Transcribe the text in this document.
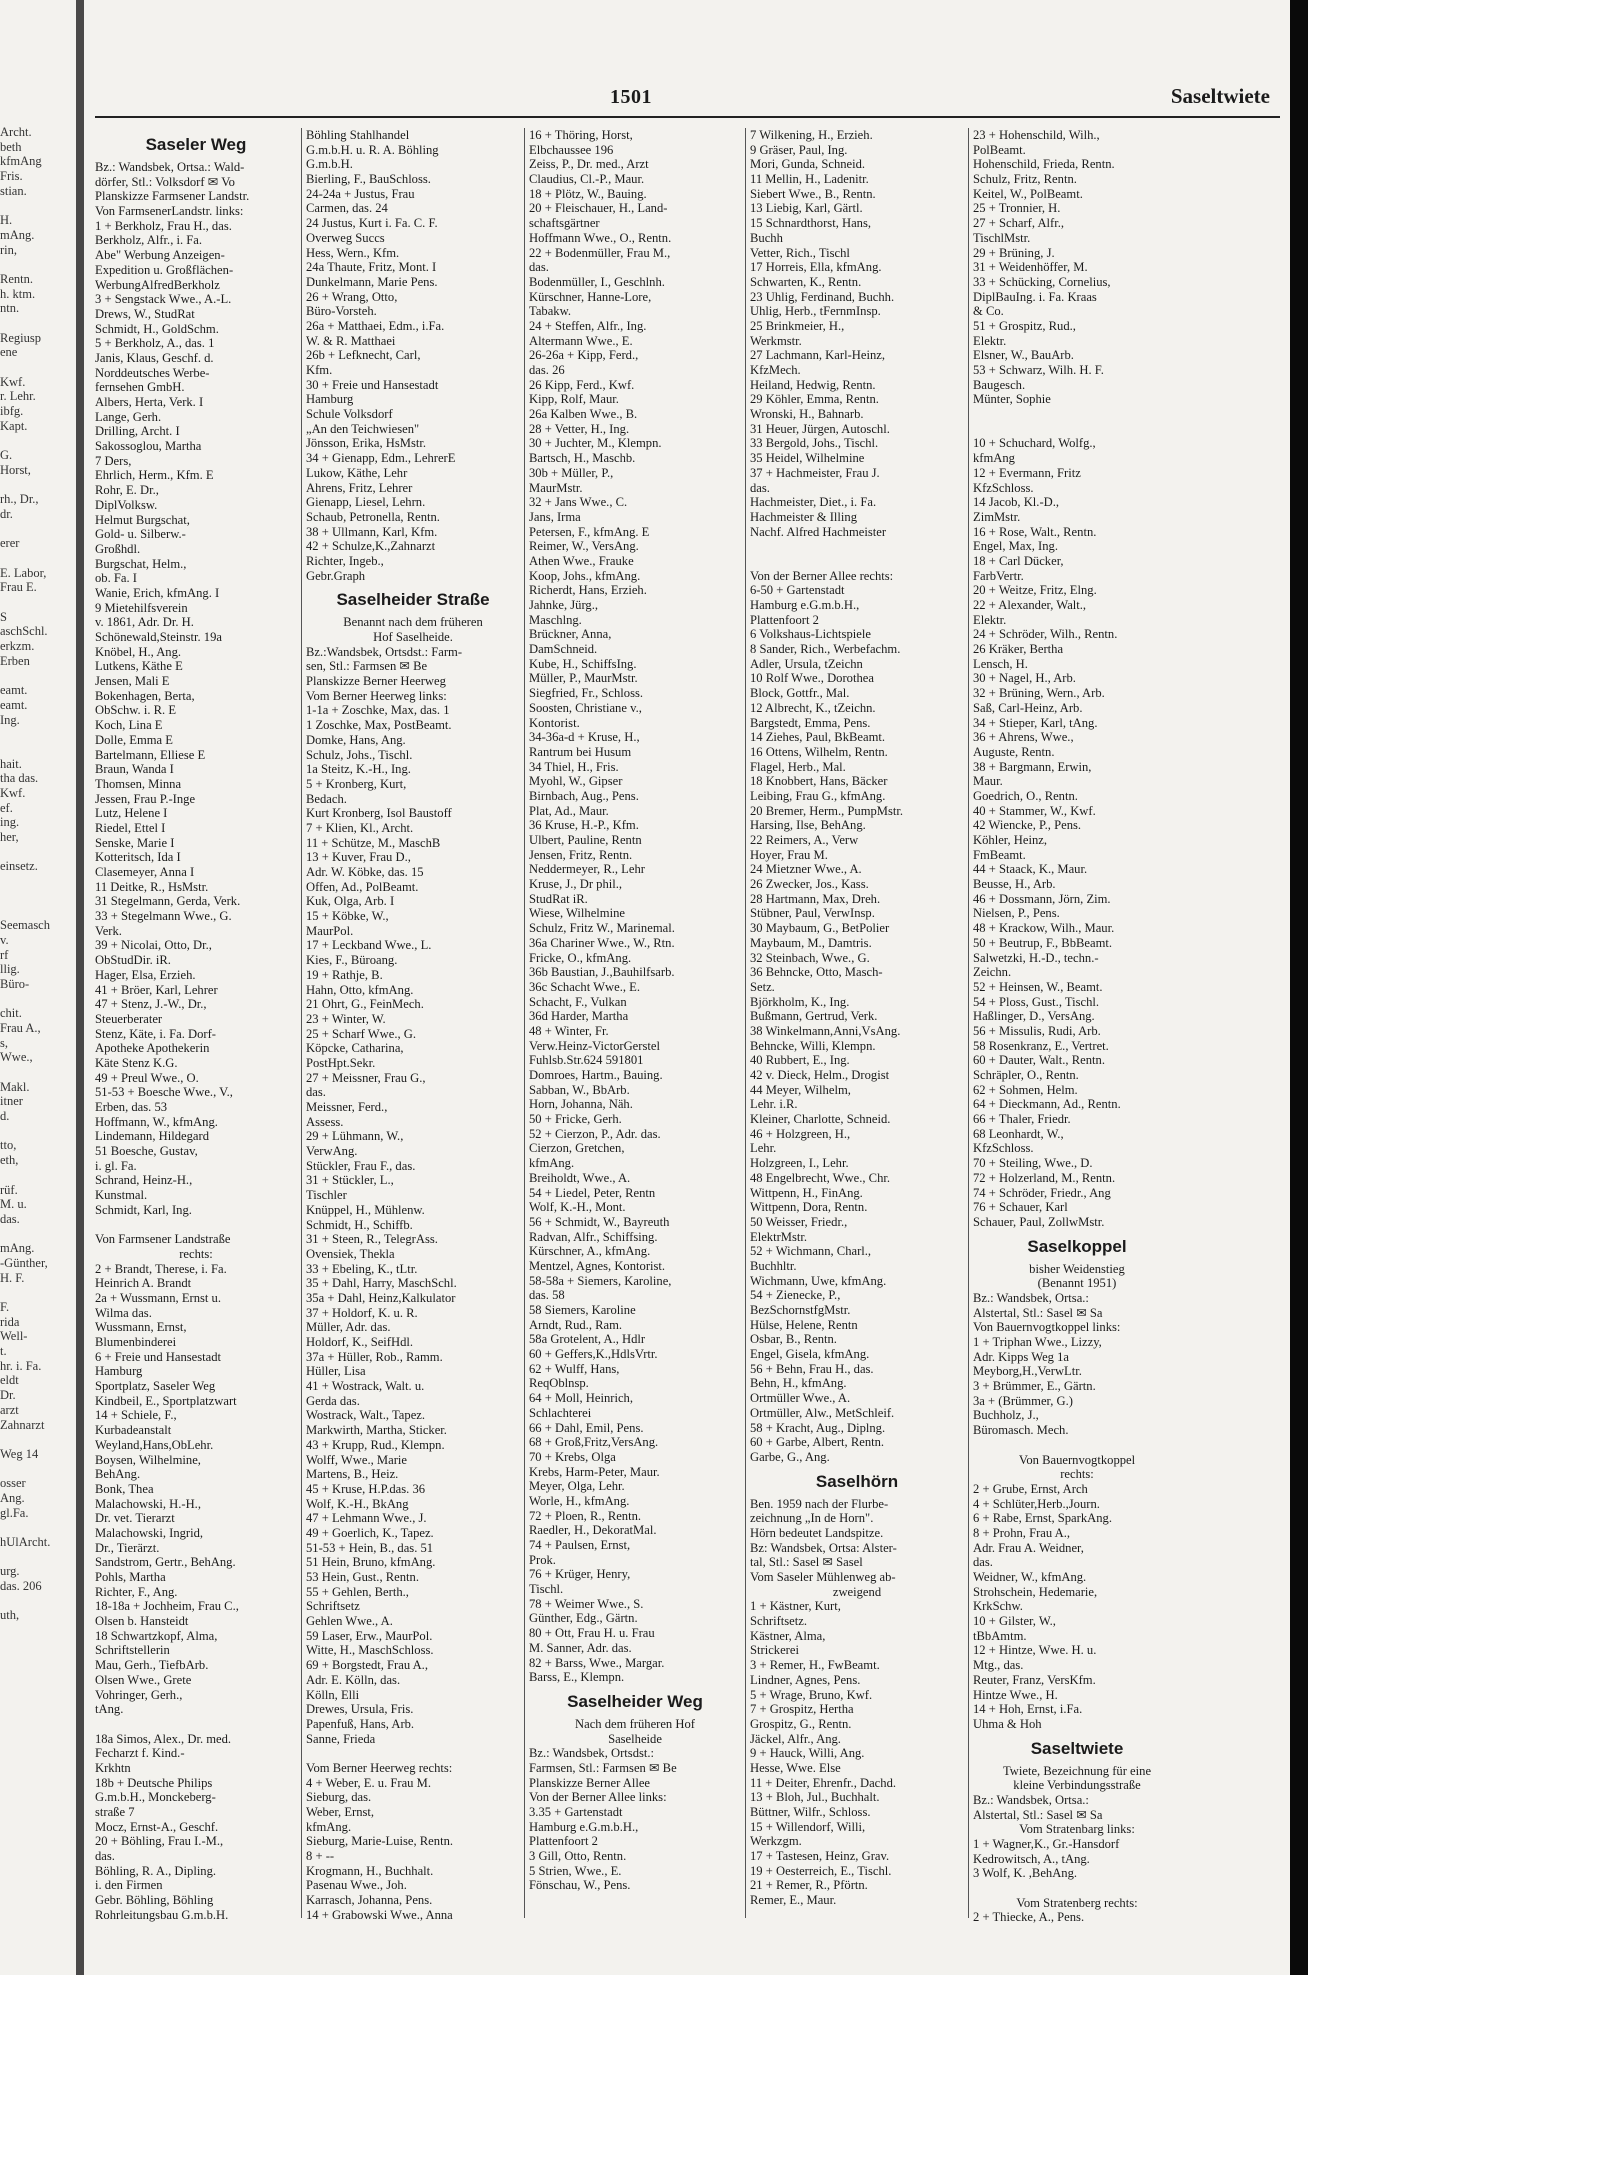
Archt.
beth
kfmAng
Fris.
stian.
H.
mAng.
rin,
Rentn.
h. ktm.
ntn.
Regiusp
ene
Kwf.
r. Lehr.
ibfg.
Kapt.
G.
Horst,
rh., Dr.,
dr.
erer
E. Labor,
Frau E.
S
aschSchl.
erkzm.
Erben
eamt.
eamt.
Ing.
hait.
tha das.
Kwf.
ef.
ing.
her,
einsetz.
Seemasch
v.
rf
llig.
Büro-
chit.
Frau A.,
s,
Wwe.,
Makl.
itner
d.
tto,
eth,
rüf.
M. u.
das.
mAng.
-Günther,
H. F.
F.
rida
Well-
t.
hr. i. Fa.
eldt
Dr.
arzt
Zahnarzt
Weg 14
osser
Ang.
gl.Fa.
hUlArcht.
urg.
das. 206
uth,
1501	Saseltwiete
Saseler Weg
Bz.: Wandsbek, Ortsa.: Wald-
dörfer, Stl.: Volksdorf ✉ Vo
Planskizze Farmsener Landstr.
Von FarmsenerLandstr. links:
1 + Berkholz, Frau H., das.
Berkholz, Alfr., i. Fa.
Abe" Werbung Anzeigen-
Expedition u. Großflächen-
WerbungAlfredBerkholz
3 + Sengstack Wwe., A.-L.
Drews, W., StudRat
Schmidt, H., GoldSchm.
5 + Berkholz, A., das. 1
Janis, Klaus, Geschf. d.
Norddeutsches Werbe-
fernsehen GmbH.
Albers, Herta, Verk. I
Lange, Gerh.
Drilling, Archt. I
Sakossoglou, Martha
7 Ders,
Ehrlich, Herm., Kfm. E
Rohr, E. Dr.,
DiplVolksw.
Helmut Burgschat,
Gold- u. Silberw.-
Großhdl.
Burgschat, Helm.,
ob. Fa. I
Wanie, Erich, kfmAng. I
9 Mietehilfsverein
v. 1861, Adr. Dr. H.
Schönewald,Steinstr. 19a
Knöbel, H., Ang.
Lutkens, Käthe E
Jensen, Mali E
Bokenhagen, Berta,
ObSchw. i. R. E
Koch, Lina E
Dolle, Emma E
Bartelmann, Elliese E
Braun, Wanda I
Thomsen, Minna
Jessen, Frau P.-Inge
Lutz, Helene I
Riedel, Ettel I
Senske, Marie I
Kotteritsch, Ida I
Clasemeyer, Anna I
11 Deitke, R., HsMstr.
31 Stegelmann, Gerda, Verk.
33 + Stegelmann Wwe., G.
Verk.
39 + Nicolai, Otto, Dr.,
ObStudDir. iR.
Hager, Elsa, Erzieh.
41 + Bröer, Karl, Lehrer
47 + Stenz, J.-W., Dr.,
Steuerberater
Stenz, Käte, i. Fa. Dorf-
Apotheke Apothekerin
Käte Stenz K.G.
49 + Preul Wwe., O.
51-53 + Boesche Wwe., V.,
Erben, das. 53
Hoffmann, W., kfmAng.
Lindemann, Hildegard
51 Boesche, Gustav,
i. gl. Fa.
Schrand, Heinz-H.,
Kunstmal.
Schmidt, Karl, Ing.
Von Farmsener Landstraße
rechts:
2 + Brandt, Therese, i. Fa.
Heinrich A. Brandt
2a + Wussmann, Ernst u.
Wilma das.
Wussmann, Ernst,
Blumenbinderei
6 + Freie und Hansestadt
Hamburg
Sportplatz, Saseler Weg
Kindbeil, E., Sportplatzwart
14 + Schiele, F.,
Kurbadeanstalt
Weyland,Hans,ObLehr.
Boysen, Wilhelmine,
BehAng.
Bonk, Thea
Malachowski, H.-H.,
Dr. vet. Tierarzt
Malachowski, Ingrid,
Dr., Tierärzt.
Sandstrom, Gertr., BehAng.
Pohls, Martha
Richter, F., Ang.
18-18a + Jochheim, Frau C.,
Olsen b. Hansteidt
18 Schwartzkopf, Alma,
Schriftstellerin
Mau, Gerh., TiefbArb.
Olsen Wwe., Grete
Vohringer, Gerh.,
tAng.
18a Simos, Alex., Dr. med.
Fecharzt f. Kind.-
Krkhtn
18b + Deutsche Philips
G.m.b.H., Monckeberg-
straße 7
Mocz, Ernst-A., Geschf.
20 + Böhling, Frau I.-M.,
das.
Böhling, R. A., Dipling.
i. den Firmen
Gebr. Böhling, Böhling
Rohrleitungsbau G.m.b.H.
Böhling Stahlhandel
G.m.b.H. u. R. A. Böhling
G.m.b.H.
Bierling, F., BauSchloss.
24-24a + Justus, Frau
Carmen, das. 24
24 Justus, Kurt i. Fa. C. F.
Overweg Succs
Hess, Wern., Kfm.
24a Thaute, Fritz, Mont. I
Dunkelmann, Marie Pens.
26 + Wrang, Otto,
Büro-Vorsteh.
26a + Matthaei, Edm., i.Fa.
W. & R. Matthaei
26b + Lefknecht, Carl,
Kfm.
30 + Freie und Hansestadt
Hamburg
Schule Volksdorf
„An den Teichwiesen"
Jönsson, Erika, HsMstr.
34 + Gienapp, Edm., LehrerE
Lukow, Käthe, Lehr
Ahrens, Fritz, Lehrer
Gienapp, Liesel, Lehrn.
Schaub, Petronella, Rentn.
38 + Ullmann, Karl, Kfm.
42 + Schulze,K.,Zahnarzt
Richter, Ingeb.,
Gebr.Graph
Saselheider Straße
Benannt nach dem früheren
Hof Saselheide.
Bz.:Wandsbek, Ortsdst.: Farm-
sen, Stl.: Farmsen ✉ Be
Planskizze Berner Heerweg
Vom Berner Heerweg links:
1-1a + Zoschke, Max, das. 1
1 Zoschke, Max, PostBeamt.
Domke, Hans, Ang.
Schulz, Johs., Tischl.
1a Steitz, K.-H., Ing.
5 + Kronberg, Kurt,
Bedach.
Kurt Kronberg, Isol Baustoff
7 + Klien, Kl., Archt.
11 + Schütze, M., MaschB
13 + Kuver, Frau D.,
Adr. W. Köbke, das. 15
Offen, Ad., PolBeamt.
Kuk, Olga, Arb. I
15 + Köbke, W.,
MaurPol.
17 + Leckband Wwe., L.
Kies, F., Büroang.
19 + Rathje, B.
Hahn, Otto, kfmAng.
21 Ohrt, G., FeinMech.
23 + Winter, W.
25 + Scharf Wwe., G.
Köpcke, Catharina,
PostHpt.Sekr.
27 + Meissner, Frau G.,
das.
Meissner, Ferd.,
Assess.
29 + Lühmann, W.,
VerwAng.
Stückler, Frau F., das.
31 + Stückler, L.,
Tischler
Knüppel, H., Mühlenw.
Schmidt, H., Schiffb.
31 + Steen, R., TelegrAss.
Ovensiek, Thekla
33 + Ebeling, K., tLtr.
35 + Dahl, Harry, MaschSchl.
35a + Dahl, Heinz,Kalkulator
37 + Holdorf, K. u. R.
Müller, Adr. das.
Holdorf, K., SeifHdl.
37a + Hüller, Rob., Ramm.
Hüller, Lisa
41 + Wostrack, Walt. u.
Gerda das.
Wostrack, Walt., Tapez.
Markwirth, Martha, Sticker.
43 + Krupp, Rud., Klempn.
Wolff, Wwe., Marie
Martens, B., Heiz.
45 + Kruse, H.P.das. 36
Wolf, K.-H., BkAng
47 + Lehmann Wwe., J.
49 + Goerlich, K., Tapez.
51-53 + Hein, B., das. 51
51 Hein, Bruno, kfmAng.
53 Hein, Gust., Rentn.
55 + Gehlen, Berth.,
Schriftsetz
Gehlen Wwe., A.
59 Laser, Erw., MaurPol.
Witte, H., MaschSchloss.
69 + Borgstedt, Frau A.,
Adr. E. Kölln, das.
Kölln, Elli
Drewes, Ursula, Fris.
Papenfuß, Hans, Arb.
Sanne, Frieda
Vom Berner Heerweg rechts:
4 + Weber, E. u. Frau M.
Sieburg, das.
Weber, Ernst,
kfmAng.
Sieburg, Marie-Luise, Rentn.
8 + --
Krogmann, H., Buchhalt.
Pasenau Wwe., Joh.
Karrasch, Johanna, Pens.
14 + Grabowski Wwe., Anna
16 + Thöring, Horst,
Elbchaussee 196
Zeiss, P., Dr. med., Arzt
Claudius, Cl.-P., Maur.
18 + Plötz, W., Bauing.
20 + Fleischauer, H., Land-
schaftsgärtner
Hoffmann Wwe., O., Rentn.
22 + Bodenmüller, Frau M.,
das.
Bodenmüller, I., Geschlnh.
Kürschner, Hanne-Lore,
Tabakw.
24 + Steffen, Alfr., Ing.
Altermann Wwe., E.
26-26a + Kipp, Ferd.,
das. 26
26 Kipp, Ferd., Kwf.
Kipp, Rolf, Maur.
26a Kalben Wwe., B.
28 + Vetter, H., Ing.
30 + Juchter, M., Klempn.
Bartsch, H., Maschb.
30b + Müller, P.,
MaurMstr.
32 + Jans Wwe., C.
Jans, Irma
Petersen, F., kfmAng. E
Reimer, W., VersAng.
Athen Wwe., Frauke
Koop, Johs., kfmAng.
Richerdt, Hans, Erzieh.
Jahnke, Jürg.,
Maschlng.
Brückner, Anna,
DamSchneid.
Kube, H., SchiffsIng.
Müller, P., MaurMstr.
Siegfried, Fr., Schloss.
Soosten, Christiane v.,
Kontorist.
34-36a-d + Kruse, H.,
Rantrum bei Husum
34 Thiel, H., Fris.
Myohl, W., Gipser
Birnbach, Aug., Pens.
Plat, Ad., Maur.
36 Kruse, H.-P., Kfm.
Ulbert, Pauline, Rentn
Jensen, Fritz, Rentn.
Neddermeyer, R., Lehr
Kruse, J., Dr phil.,
StudRat iR.
Wiese, Wilhelmine
Schulz, Fritz W., Marinemal.
36a Chariner Wwe., W., Rtn.
Fricke, O., kfmAng.
36b Baustian, J.,Bauhilfsarb.
36c Schacht Wwe., E.
Schacht, F., Vulkan
36d Harder, Martha
48 + Winter, Fr.
Verw.Heinz-VictorGerstel
Fuhlsb.Str.624 591801
Domroes, Hartm., Bauing.
Sabban, W., BbArb.
Horn, Johanna, Näh.
50 + Fricke, Gerh.
52 + Cierzon, P., Adr. das.
Cierzon, Gretchen,
kfmAng.
Breiholdt, Wwe., A.
54 + Liedel, Peter, Rentn
Wolf, K.-H., Mont.
56 + Schmidt, W., Bayreuth
Radvan, Alfr., Schiffsing.
Kürschner, A., kfmAng.
Mentzel, Agnes, Kontorist.
58-58a + Siemers, Karoline,
das. 58
58 Siemers, Karoline
Arndt, Rud., Ram.
58a Grotelent, A., Hdlr
60 + Geffers,K.,HdlsVrtr.
62 + Wulff, Hans,
ReqOblnsp.
64 + Moll, Heinrich,
Schlachterei
66 + Dahl, Emil, Pens.
68 + Groß,Fritz,VersAng.
70 + Krebs, Olga
Krebs, Harm-Peter, Maur.
Meyer, Olga, Lehr.
Worle, H., kfmAng.
72 + Ploen, R., Rentn.
Raedler, H., DekoratMal.
74 + Paulsen, Ernst,
Prok.
76 + Krüger, Henry,
Tischl.
78 + Weimer Wwe., S.
Günther, Edg., Gärtn.
80 + Ott, Frau H. u. Frau
M. Sanner, Adr. das.
82 + Barss, Wwe., Margar.
Barss, E., Klempn.
Saselheider Weg
Nach dem früheren Hof
Saselheide
Bz.: Wandsbek, Ortsdst.:
Farmsen, Stl.: Farmsen ✉ Be
Planskizze Berner Allee
Von der Berner Allee links:
3.35 + Gartenstadt
Hamburg e.G.m.b.H.,
Plattenfoort 2
3 Gill, Otto, Rentn.
5 Strien, Wwe., E.
Fönschau, W., Pens.
7 Wilkening, H., Erzieh.
9 Gräser, Paul, Ing.
Mori, Gunda, Schneid.
11 Mellin, H., Ladenitr.
Siebert Wwe., B., Rentn.
13 Liebig, Karl, Gärtl.
15 Schnardthorst, Hans,
Buchh
Vetter, Rich., Tischl
17 Horreis, Ella, kfmAng.
Schwarten, K., Rentn.
23 Uhlig, Ferdinand, Buchh.
Uhlig, Herb., tFernmInsp.
25 Brinkmeier, H.,
Werkmstr.
27 Lachmann, Karl-Heinz,
KfzMech.
Heiland, Hedwig, Rentn.
29 Köhler, Emma, Rentn.
Wronski, H., Bahnarb.
31 Heuer, Jürgen, Autoschl.
33 Bergold, Johs., Tischl.
35 Heidel, Wilhelmine
37 + Hachmeister, Frau J.
das.
Hachmeister, Diet., i. Fa.
Hachmeister & Illing
Nachf. Alfred Hachmeister
Von der Berner Allee rechts:
6-50 + Gartenstadt
Hamburg e.G.m.b.H.,
Plattenfoort 2
6 Volkshaus-Lichtspiele
8 Sander, Rich., Werbefachm.
Adler, Ursula, tZeichn
10 Rolf Wwe., Dorothea
Block, Gottfr., Mal.
12 Albrecht, K., tZeichn.
Bargstedt, Emma, Pens.
14 Ziehes, Paul, BkBeamt.
16 Ottens, Wilhelm, Rentn.
Flagel, Herb., Mal.
18 Knobbert, Hans, Bäcker
Leibing, Frau G., kfmAng.
20 Bremer, Herm., PumpMstr.
Harsing, Ilse, BehAng.
22 Reimers, A., Verw
Hoyer, Frau M.
24 Mietzner Wwe., A.
26 Zwecker, Jos., Kass.
28 Hartmann, Max, Dreh.
Stübner, Paul, VerwInsp.
30 Maybaum, G., BetPolier
Maybaum, M., Damtris.
32 Steinbach, Wwe., G.
36 Behncke, Otto, Masch-
Setz.
Björkholm, K., Ing.
Bußmann, Gertrud, Verk.
38 Winkelmann,Anni,VsAng.
Behncke, Willi, Klempn.
40 Rubbert, E., Ing.
42 v. Dieck, Helm., Drogist
44 Meyer, Wilhelm,
Lehr. i.R.
Kleiner, Charlotte, Schneid.
46 + Holzgreen, H.,
Lehr.
Holzgreen, I., Lehr.
48 Engelbrecht, Wwe., Chr.
Wittpenn, H., FinAng.
Wittpenn, Dora, Rentn.
50 Weisser, Friedr.,
ElektrMstr.
52 + Wichmann, Charl.,
Buchhltr.
Wichmann, Uwe, kfmAng.
54 + Zienecke, P.,
BezSchornstfgMstr.
Hülse, Helene, Rentn
Osbar, B., Rentn.
Engel, Gisela, kfmAng.
56 + Behn, Frau H., das.
Behn, H., kfmAng.
Ortmüller Wwe., A.
Ortmüller, Alw., MetSchleif.
58 + Kracht, Aug., Diplng.
60 + Garbe, Albert, Rentn.
Garbe, G., Ang.
Saselhörn
Ben. 1959 nach der Flurbe-
zeichnung „In de Horn".
Hörn bedeutet Landspitze.
Bz: Wandsbek, Ortsa: Alster-
tal, Stl.: Sasel ✉ Sasel
Vom Saseler Mühlenweg ab-
zweigend
1 + Kästner, Kurt,
Schriftsetz.
Kästner, Alma,
Strickerei
3 + Remer, H., FwBeamt.
Lindner, Agnes, Pens.
5 + Wrage, Bruno, Kwf.
7 + Grospitz, Hertha
Grospitz, G., Rentn.
Jäckel, Alfr., Ang.
9 + Hauck, Willi, Ang.
Hesse, Wwe. Else
11 + Deiter, Ehrenfr., Dachd.
13 + Bloh, Jul., Buchhalt.
Büttner, Wilfr., Schloss.
15 + Willendorf, Willi,
Werkzgm.
17 + Tastesen, Heinz, Grav.
19 + Oesterreich, E., Tischl.
21 + Remer, R., Pförtn.
Remer, E., Maur.
23 + Hohenschild, Wilh.,
PolBeamt.
Hohenschild, Frieda, Rentn.
Schulz, Fritz, Rentn.
Keitel, W., PolBeamt.
25 + Tronnier, H.
27 + Scharf, Alfr.,
TischlMstr.
29 + Brüning, J.
31 + Weidenhöffer, M.
33 + Schücking, Cornelius,
DiplBauIng. i. Fa. Kraas
& Co.
51 + Grospitz, Rud.,
Elektr.
Elsner, W., BauArb.
53 + Schwarz, Wilh. H. F.
Baugesch.
Münter, Sophie
10 + Schuchard, Wolfg.,
kfmAng
12 + Evermann, Fritz
KfzSchloss.
14 Jacob, Kl.-D.,
ZimMstr.
16 + Rose, Walt., Rentn.
Engel, Max, Ing.
18 + Carl Dücker,
FarbVertr.
20 + Weitze, Fritz, Elng.
22 + Alexander, Walt.,
Elektr.
24 + Schröder, Wilh., Rentn.
26 Kräker, Bertha
Lensch, H.
30 + Nagel, H., Arb.
32 + Brüning, Wern., Arb.
Saß, Carl-Heinz, Arb.
34 + Stieper, Karl, tAng.
36 + Ahrens, Wwe.,
Auguste, Rentn.
38 + Bargmann, Erwin,
Maur.
Goedrich, O., Rentn.
40 + Stammer, W., Kwf.
42 Wiencke, P., Pens.
Köhler, Heinz,
FmBeamt.
44 + Staack, K., Maur.
Beusse, H., Arb.
46 + Dossmann, Jörn, Zim.
Nielsen, P., Pens.
48 + Krackow, Wilh., Maur.
50 + Beutrup, F., BbBeamt.
Salwetzki, H.-D., techn.-
Zeichn.
52 + Heinsen, W., Beamt.
54 + Ploss, Gust., Tischl.
Haßlinger, D., VersAng.
56 + Missulis, Rudi, Arb.
58 Rosenkranz, E., Vertret.
60 + Dauter, Walt., Rentn.
Schräpler, O., Rentn.
62 + Sohmen, Helm.
64 + Dieckmann, Ad., Rentn.
66 + Thaler, Friedr.
68 Leonhardt, W.,
KfzSchloss.
70 + Steiling, Wwe., D.
72 + Holzerland, M., Rentn.
74 + Schröder, Friedr., Ang
76 + Schauer, Karl
Schauer, Paul, ZollwMstr.
Saselkoppel
bisher Weidenstieg
(Benannt 1951)
Bz.: Wandsbek, Ortsa.:
Alstertal, Stl.: Sasel ✉ Sa
Von Bauernvogtkoppel links:
1 + Triphan Wwe., Lizzy,
Adr. Kipps Weg 1a
Meyborg,H.,VerwLtr.
3 + Brümmer, E., Gärtn.
3a + (Brümmer, G.)
Buchholz, J.,
Büromasch. Mech.
Von Bauernvogtkoppel
rechts:
2 + Grube, Ernst, Arch
4 + Schlüter,Herb.,Journ.
6 + Rabe, Ernst, SparkAng.
8 + Prohn, Frau A.,
Adr. Frau A. Weidner,
das.
Weidner, W., kfmAng.
Strohschein, Hedemarie,
KrkSchw.
10 + Gilster, W.,
tBbAmtm.
12 + Hintze, Wwe. H. u.
Mtg., das.
Reuter, Franz, VersKfm.
Hintze Wwe., H.
14 + Hoh, Ernst, i.Fa.
Uhma & Hoh
Saseltwiete
Twiete, Bezeichnung für eine
kleine Verbindungsstraße
Bz.: Wandsbek, Ortsa.:
Alstertal, Stl.: Sasel ✉ Sa
Vom Stratenbarg links:
1 + Wagner,K., Gr.-Hansdorf
Kedrowitsch, A., tAng.
3 Wolf, K. ,BehAng.
Vom Stratenberg rechts:
2 + Thiecke, A., Pens.
